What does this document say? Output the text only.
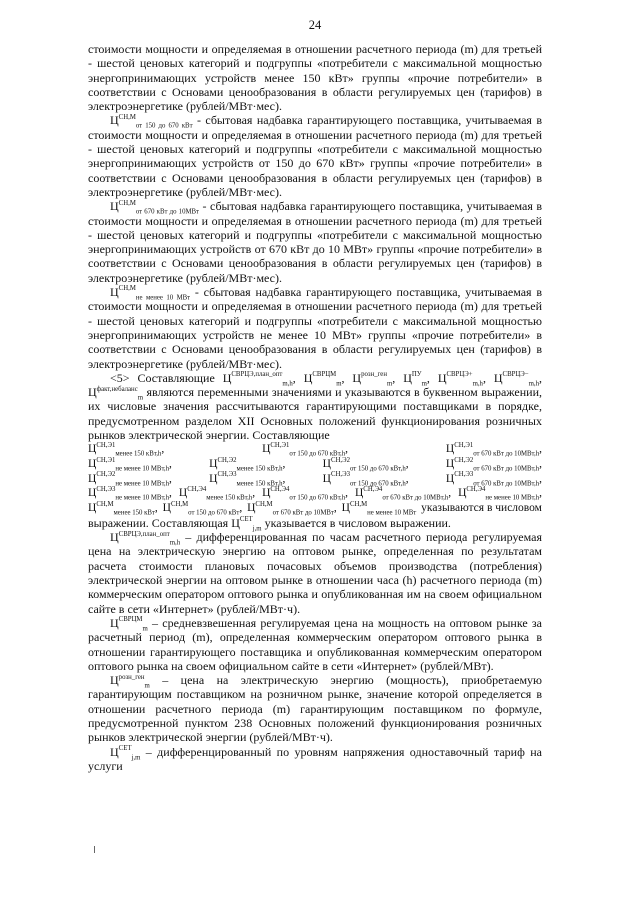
24

стоимости мощности и определяемая в отношении расчетного периода (m) для третьей - шестой ценовых категорий и подгруппы «потребители с максимальной мощностью энергопринимающих устройств менее 150 кВт» группы «прочие потребители» в соответствии с Основами ценообразования в области регулируемых цен (тарифов) в электроэнергетике (рублей/МВт·мес).

$Ц^{СН,М}_{от 150 до 670 кВт}$ - сбытовая надбавка гарантирующего поставщика, учитываемая в стоимости мощности и определяемая в отношении расчетного периода (m) для третьей - шестой ценовых категорий и подгруппы «потребители с максимальной мощностью энергопринимающих устройств от 150 до 670 кВт» группы «прочие потребители» в соответствии с Основами ценообразования в области регулируемых цен (тарифов) в электроэнергетике (рублей/МВт·мес).

$Ц^{СН,М}_{от 670 кВт до 10МВт}$ - сбытовая надбавка гарантирующего поставщика, учитываемая в стоимости мощности и определяемая в отношении расчетного периода (m) для третьей - шестой ценовых категорий и подгруппы «потребители с максимальной мощностью энергопринимающих устройств от 670 кВт до 10 МВт» группы «прочие потребители» в соответствии с Основами ценообразования в области регулируемых цен (тарифов) в электроэнергетике (рублей/МВт·мес).

$Ц^{СН,М}_{не менее 10 МВт}$ - сбытовая надбавка гарантирующего поставщика, учитываемая в стоимости мощности и определяемая в отношении расчетного периода (m) для третьей - шестой ценовых категорий и подгруппы «потребители с максимальной мощностью энергопринимающих устройств не менее 10 МВт» группы «прочие потребители» в соответствии с Основами ценообразования в области регулируемых цен (тарифов) в электроэнергетике (рублей/МВт·мес).

<5> Составляющие $Ц^{СВРЦЭ,план\_опт}_{m,h}$, $Ц^{СВРЦМ}_m$, $Ц^{розн\_ген}_m$, $Ц^{ПУ}_m$, $Ц^{СВРЦЭ+}_{m,h}$, $Ц^{СВРЦЭ-}_{m,h}$, $Ц^{факт,небаланс}_m$ являются переменными значениями и указываются в буквенном выражении, их числовые значения рассчитываются гарантирующими поставщиками в порядке, предусмотренном разделом XII Основных положений функционирования розничных рынков электрической энергии. Составляющие

$Ц^{СН,Э1}_{менее 150 кВт,h}$,	$Ц^{СН,Э1}_{от 150 до 670 кВт,h}$,	$Ц^{СН,Э1}_{от 670 кВт до 10МВт,h}$,
$Ц^{СН,Э1}_{не менее 10 МВт,h}$,	$Ц^{СН,Э2}_{менее 150 кВт,h}$,	$Ц^{СН,Э2}_{от 150 до 670 кВт,h}$,	$Ц^{СН,Э2}_{от 670 кВт до 10МВт,h}$,
$Ц^{СН,Э2}_{не менее 10 МВт,h}$,	$Ц^{СН,Э3}_{менее 150 кВт,h}$,	$Ц^{СН,Э3}_{от 150 до 670 кВт,h}$,	$Ц^{СН,Э3}_{от 670 кВт до 10МВт,h}$,
$Ц^{СН,Э3}_{не менее 10 МВт,h}$, $Ц^{СН,Э4}_{менее 150 кВт,h}$, $Ц^{СН,Э4}_{от 150 до 670 кВт,h}$, $Ц^{СН,Э4}_{от 670 кВт до 10МВт,h}$, $Ц^{СН,Э4}_{не менее 10 МВт,h}$,
$Ц^{СН,М}_{менее 150 кВт}$, $Ц^{СН,М}_{от 150 до 670 кВт}$, $Ц^{СН,М}_{от 670 кВт до 10МВт}$, $Ц^{СН,М}_{не менее 10 МВт}$ указываются в числовом

выражении. Составляющая $Ц^{СЕТ}_{j,m}$ указывается в числовом выражении.

$Ц^{СВРЦЭ,план\_опт}_{m,h}$ – дифференцированная по часам расчетного периода регулируемая цена на электрическую энергию на оптовом рынке, определенная по результатам расчета стоимости плановых почасовых объемов производства (потребления) электрической энергии на оптовом рынке в отношении часа (h) расчетного периода (m) коммерческим оператором оптового рынка и опубликованная им на своем официальном сайте в сети «Интернет» (рублей/МВт·ч).

$Ц^{СВРЦМ}_m$ – средневзвешенная регулируемая цена на мощность на оптовом рынке за расчетный период (m), определенная коммерческим оператором оптового рынка в отношении гарантирующего поставщика и опубликованная коммерческим оператором оптового рынка на своем официальном сайте в сети «Интернет» (рублей/МВт).

$Ц^{розн\_ген}_m$ – цена на электрическую энергию (мощность), приобретаемую гарантирующим поставщиком на розничном рынке, значение которой определяется в отношении расчетного периода (m) гарантирующим поставщиком по формуле, предусмотренной пунктом 238 Основных положений функционирования розничных рынков электрической энергии (рублей/МВт·ч).

$Ц^{СЕТ}_{j,m}$ – дифференцированный по уровням напряжения одноставочный тариф на услуги
